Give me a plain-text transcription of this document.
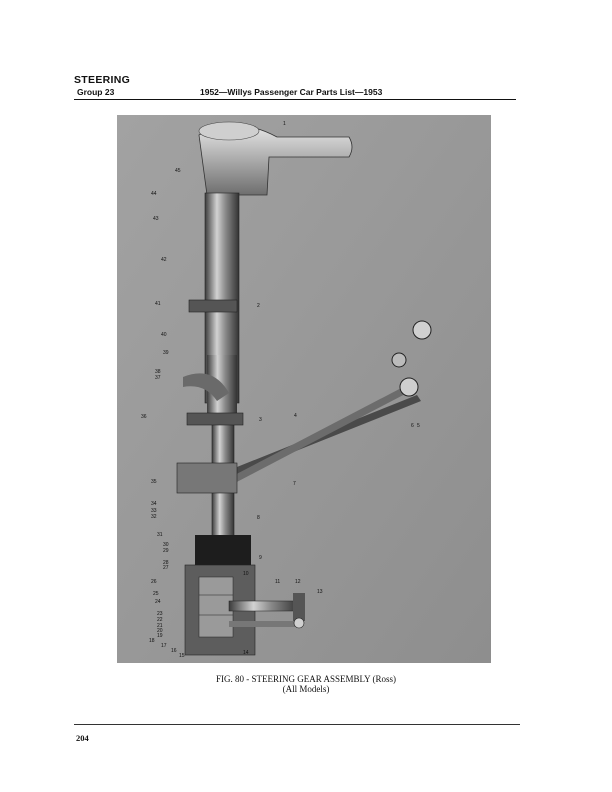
STEERING
Group 23	1952—Willys Passenger Car Parts List—1953
1
2
3
4
5
6
7
8
9
10
11	12
13
14
15
16
17
18
19
20
21
22
23
24
25
26
27
28
29
30
31
32
33
34
35
36
37
38
39
40
41
42
43
44
45
FIG. 80 - STEERING GEAR ASSEMBLY (Ross)
(All Models)
204
